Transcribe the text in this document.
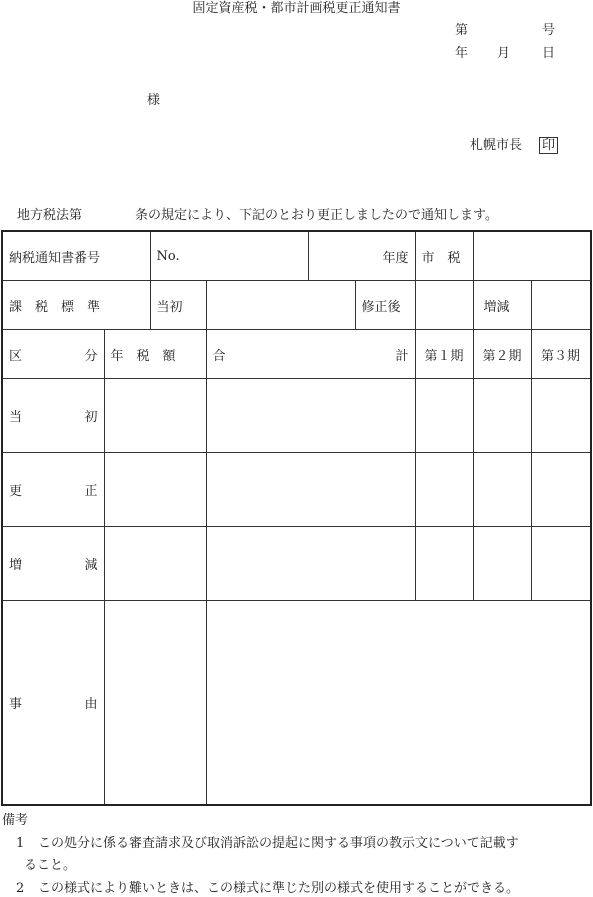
固定資産税・都市計画税更正通知書
第	号
年 月 日
様
札幌市長 印
地方税法第	条の規定により、下記のとおり更正しましたので通知します。
納税通知書番号		No.		年度		市　税			
課　税　標　準		当初			修正後		増減		

区 分	年　税　額		合 計			第１期	第２期	第３期	

当 初									

更 正									

増 減									

事 由									

備考
1 この処分に係る審査請求及び取消訴訟の提起に関する事項の教示文について記載す
ること。
2 この様式により難いときは、この様式に準じた別の様式を使用することができる。
